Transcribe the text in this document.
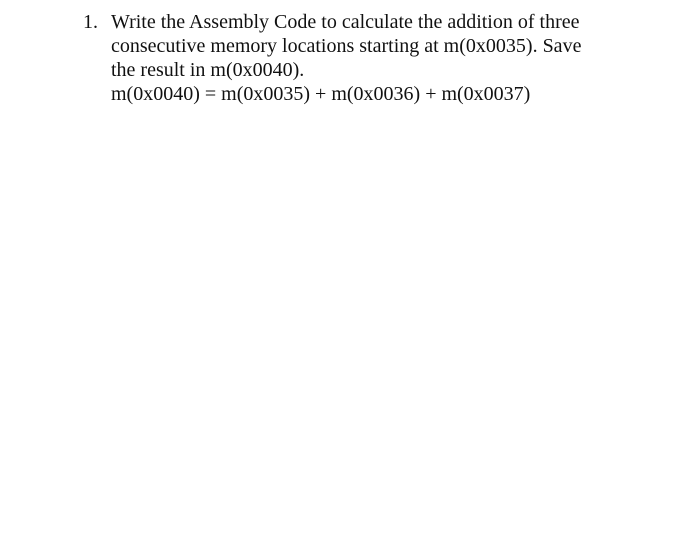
1. Write the Assembly Code to calculate the addition of three
consecutive memory locations starting at m(0x0035). Save
the result in m(0x0040).
m(0x0040) = m(0x0035) + m(0x0036) + m(0x0037)
